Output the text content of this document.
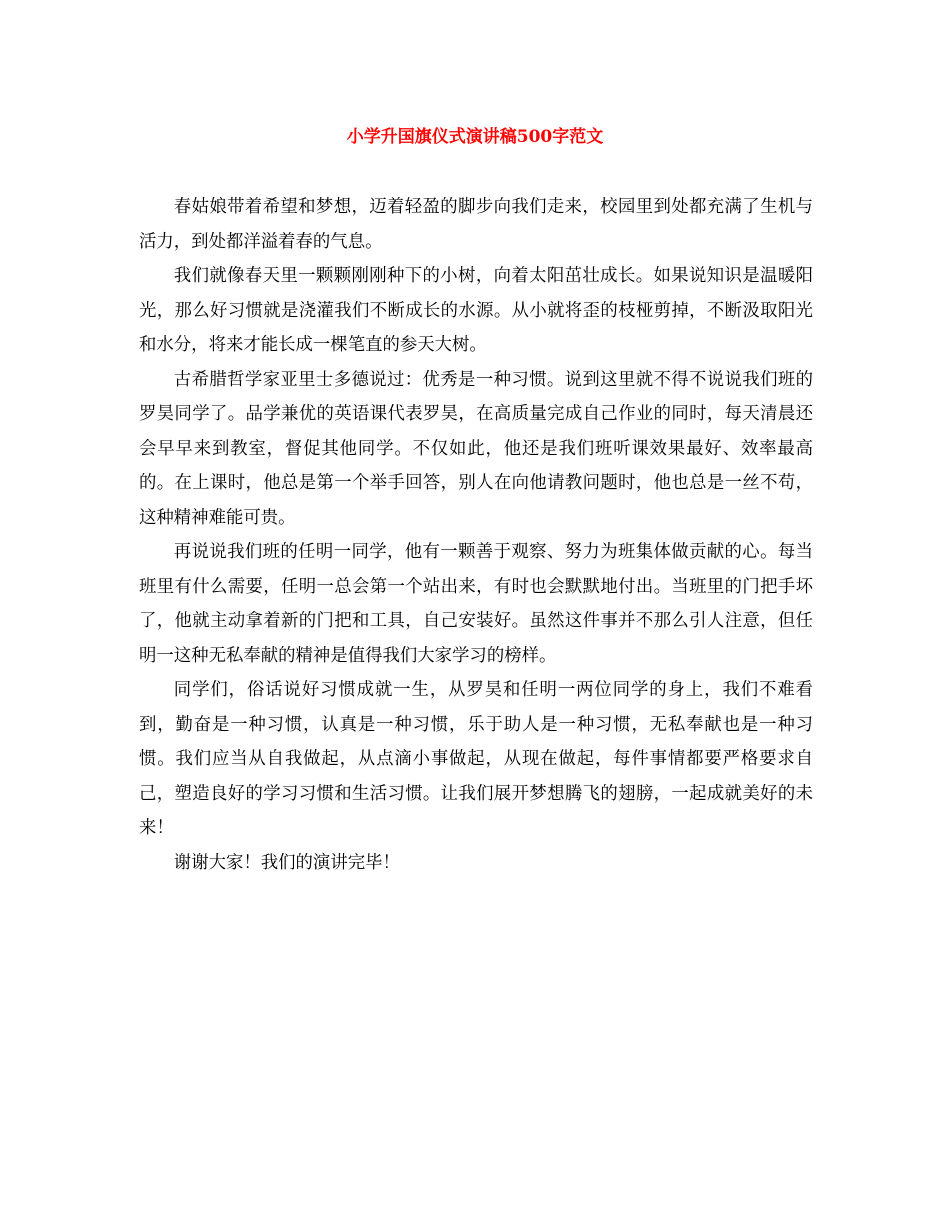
小学升国旗仪式演讲稿500字范文

春姑娘带着希望和梦想，迈着轻盈的脚步向我们走来，校园里到处都充满了生机与活力，到处都洋溢着春的气息。

我们就像春天里一颗颗刚刚种下的小树，向着太阳茁壮成长。如果说知识是温暖阳光，那么好习惯就是浇灌我们不断成长的水源。从小就将歪的枝桠剪掉，不断汲取阳光和水分，将来才能长成一棵笔直的参天大树。

古希腊哲学家亚里士多德说过：优秀是一种习惯。说到这里就不得不说说我们班的罗昊同学了。品学兼优的英语课代表罗昊，在高质量完成自己作业的同时，每天清晨还会早早来到教室，督促其他同学。不仅如此，他还是我们班听课效果最好、效率最高的。在上课时，他总是第一个举手回答，别人在向他请教问题时，他也总是一丝不苟，这种精神难能可贵。

再说说我们班的任明一同学，他有一颗善于观察、努力为班集体做贡献的心。每当班里有什么需要，任明一总会第一个站出来，有时也会默默地付出。当班里的门把手坏了，他就主动拿着新的门把和工具，自己安装好。虽然这件事并不那么引人注意，但任明一这种无私奉献的精神是值得我们大家学习的榜样。

同学们，俗话说好习惯成就一生，从罗昊和任明一两位同学的身上，我们不难看到，勤奋是一种习惯，认真是一种习惯，乐于助人是一种习惯，无私奉献也是一种习惯。我们应当从自我做起，从点滴小事做起，从现在做起，每件事情都要严格要求自己，塑造良好的学习习惯和生活习惯。让我们展开梦想腾飞的翅膀，一起成就美好的未来！

谢谢大家！我们的演讲完毕！
